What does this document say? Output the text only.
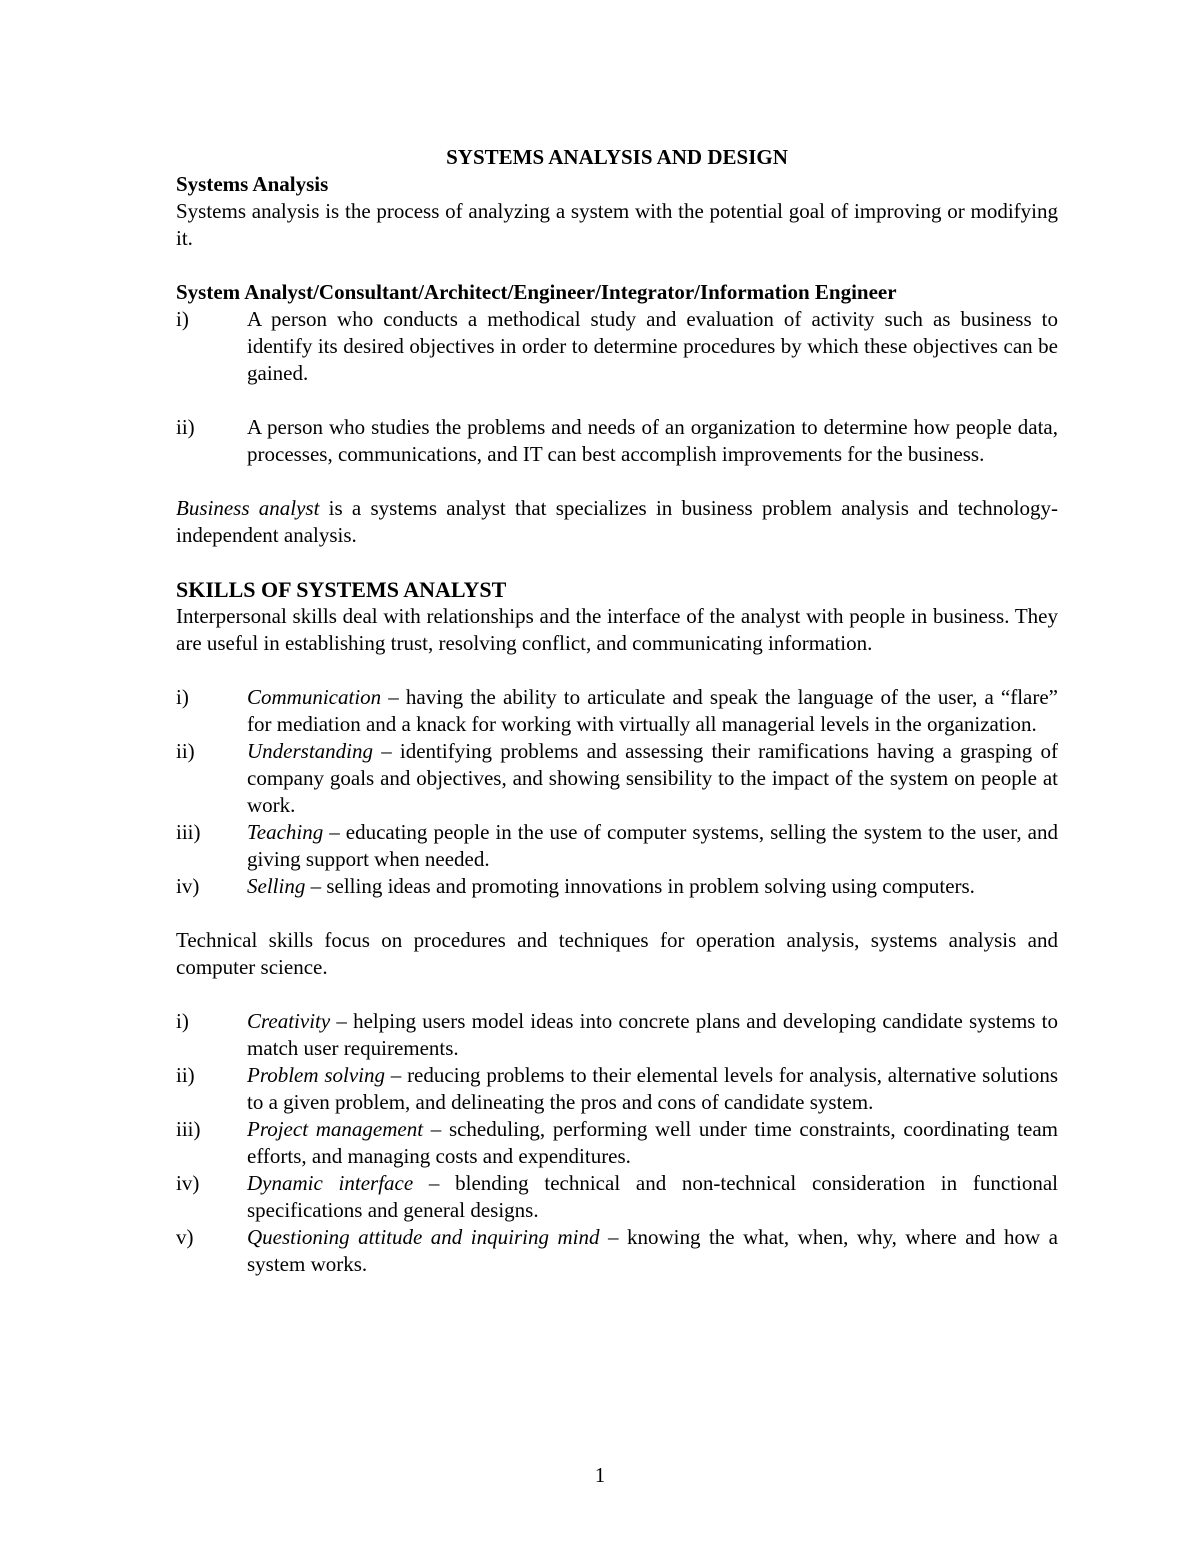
SYSTEMS ANALYSIS AND DESIGN
Systems Analysis

Systems analysis is the process of analyzing a system with the potential goal of improving or modifying it.

System Analyst/Consultant/Architect/Engineer/Integrator/Information Engineer
i)	A person who conducts a methodical study and evaluation of activity such as business to identify its desired objectives in order to determine procedures by which these objectives can be gained.
ii)	A person who studies the problems and needs of an organization to determine how people data, processes, communications, and IT can best accomplish improvements for the business.

Business analyst is a systems analyst that specializes in business problem analysis and technology-independent analysis.

SKILLS OF SYSTEMS ANALYST

Interpersonal skills deal with relationships and the interface of the analyst with people in business. They are useful in establishing trust, resolving conflict, and communicating information.

i)	Communication – having the ability to articulate and speak the language of the user, a “flare” for mediation and a knack for working with virtually all managerial levels in the organization.
ii)	Understanding – identifying problems and assessing their ramifications having a grasping of company goals and objectives, and showing sensibility to the impact of the system on people at work.
iii)	Teaching – educating people in the use of computer systems, selling the system to the user, and giving support when needed.
iv)	Selling – selling ideas and promoting innovations in problem solving using computers.

Technical skills focus on procedures and techniques for operation analysis, systems analysis and computer science.

i)	Creativity – helping users model ideas into concrete plans and developing candidate systems to match user requirements.
ii)	Problem solving – reducing problems to their elemental levels for analysis, alternative solutions to a given problem, and delineating the pros and cons of candidate system.
iii)	Project management – scheduling, performing well under time constraints, coordinating team efforts, and managing costs and expenditures.
iv)	Dynamic interface – blending technical and non-technical consideration in functional specifications and general designs.
v)	Questioning attitude and inquiring mind – knowing the what, when, why, where and how a system works.
1
